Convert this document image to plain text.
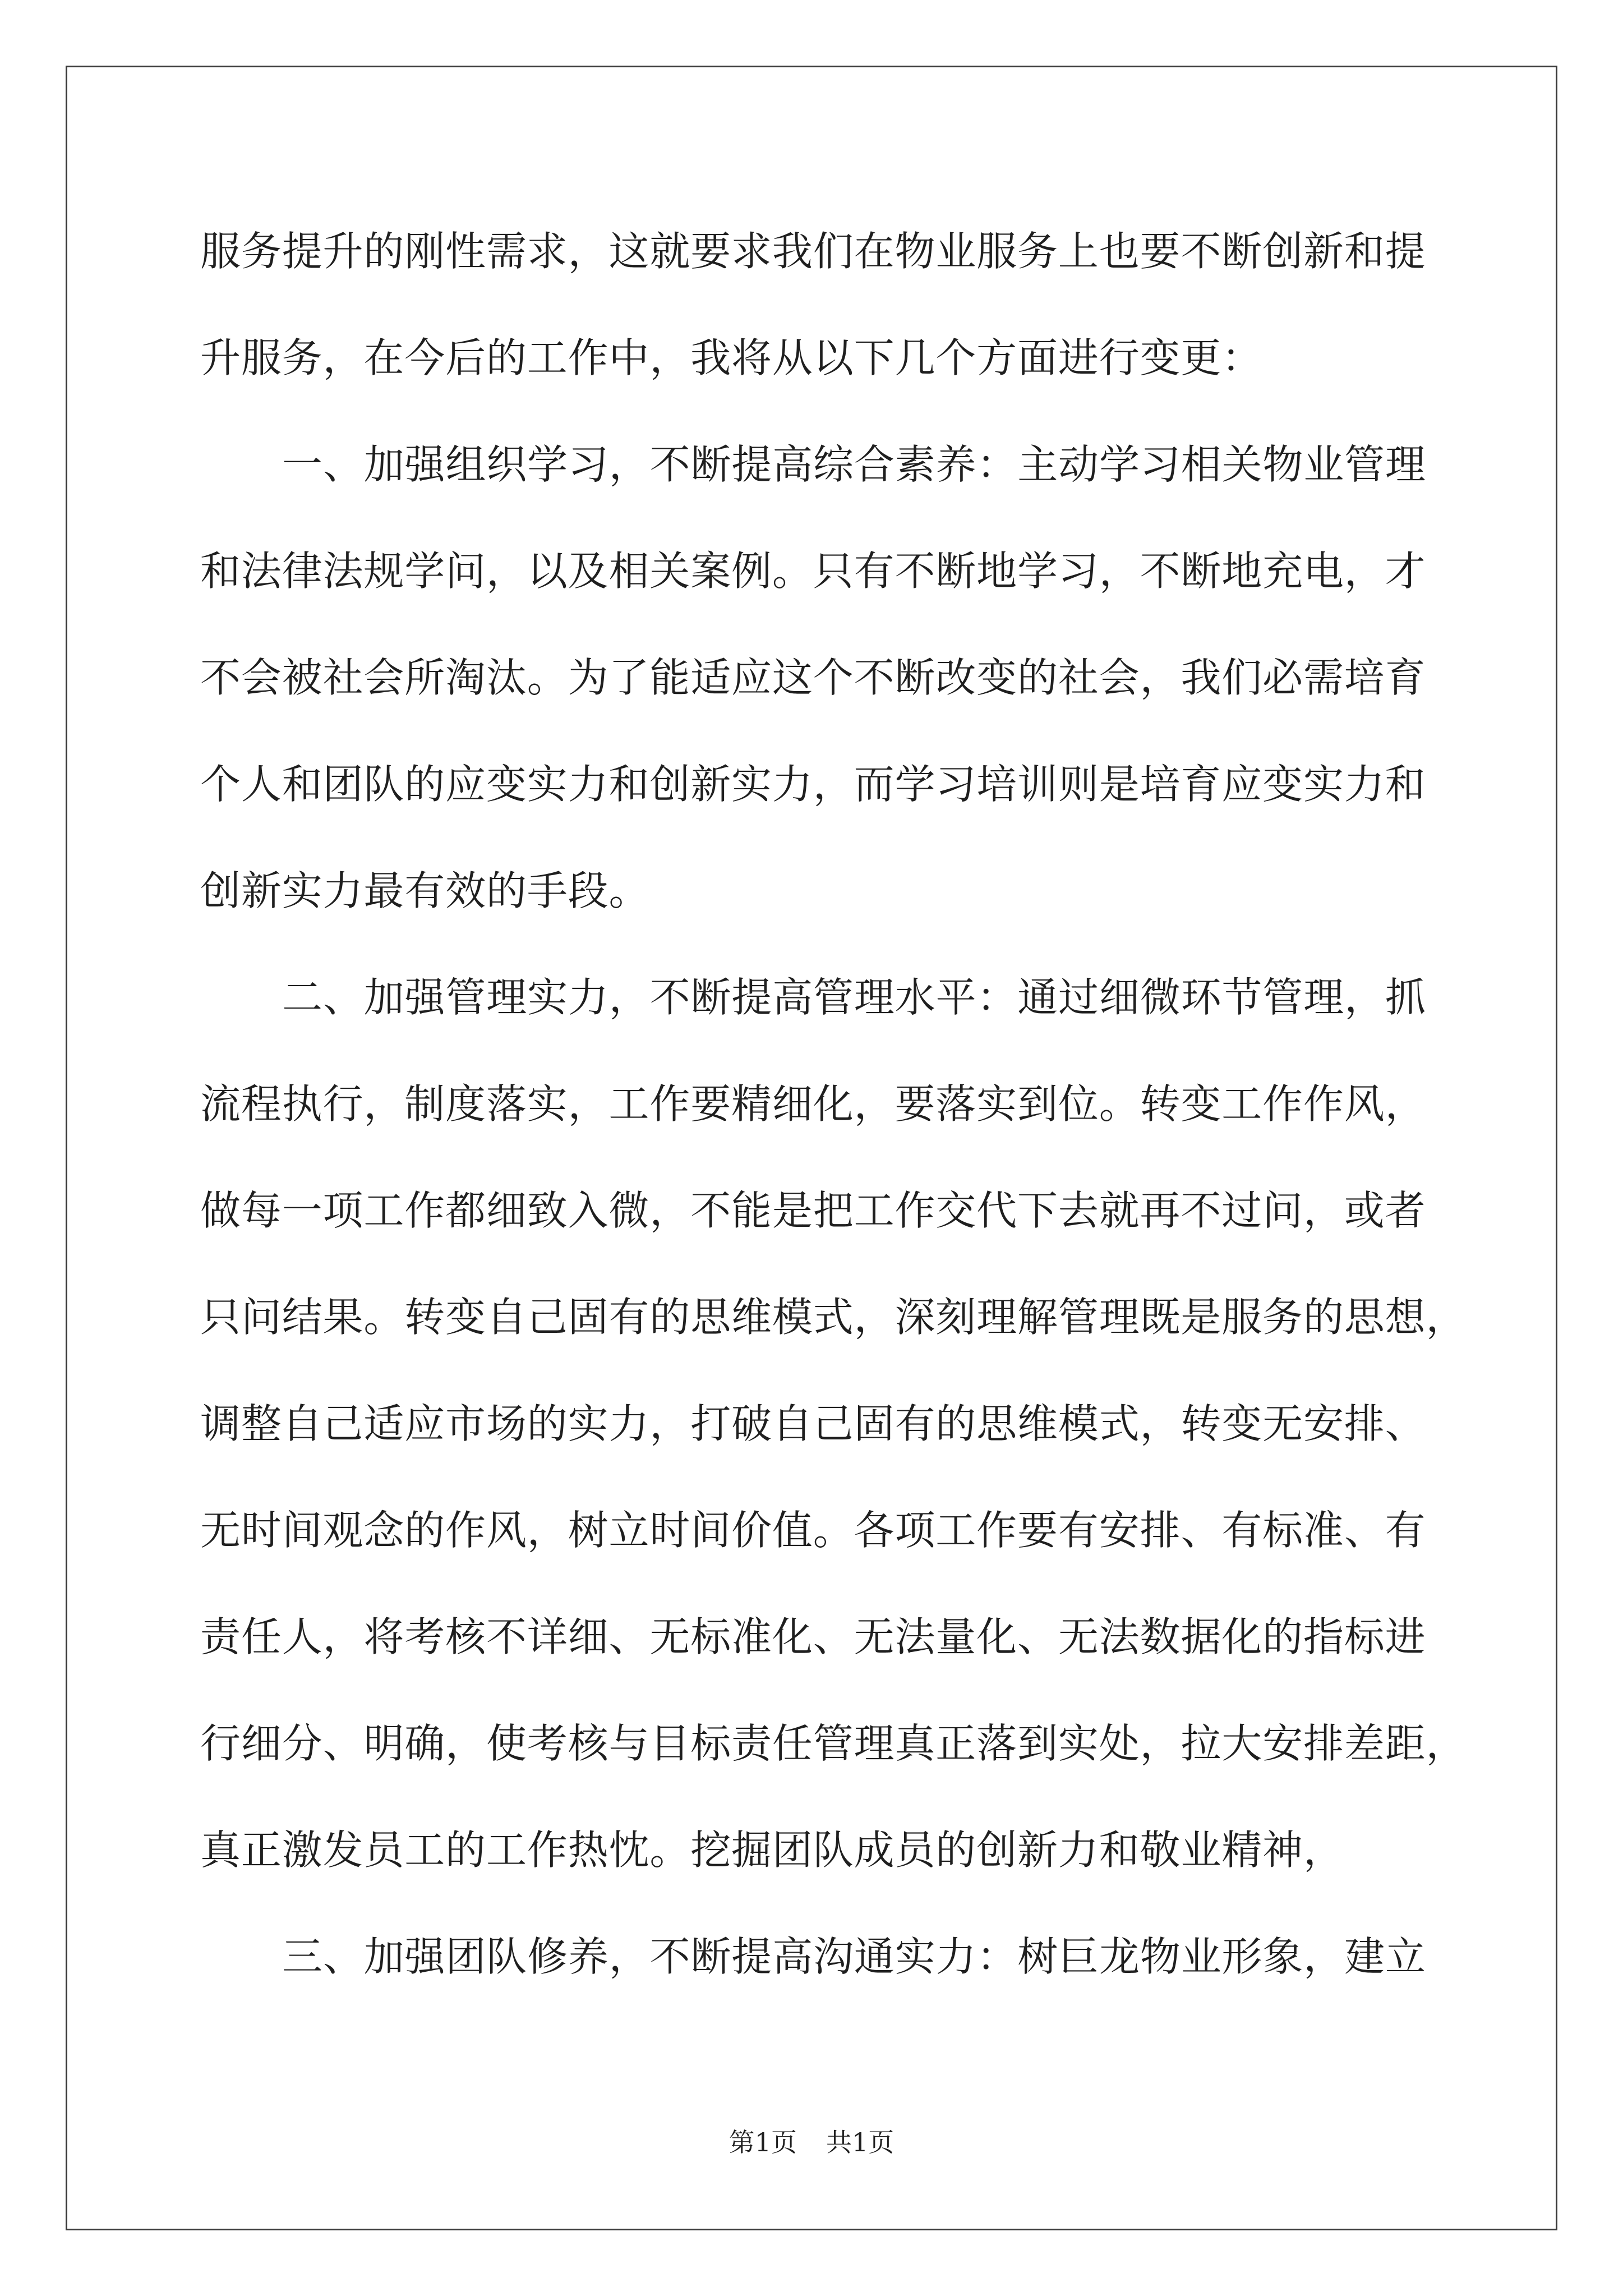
服务提升的刚性需求，这就要求我们在物业服务上也要不断创新和提
升服务，在今后的工作中，我将从以下几个方面进行变更：
一、加强组织学习，不断提高综合素养：主动学习相关物业管理
和法律法规学问，以及相关案例。只有不断地学习，不断地充电，才
不会被社会所淘汰。为了能适应这个不断改变的社会，我们必需培育
个人和团队的应变实力和创新实力，而学习培训则是培育应变实力和
创新实力最有效的手段。
二、加强管理实力，不断提高管理水平：通过细微环节管理，抓
流程执行，制度落实，工作要精细化，要落实到位。转变工作作风，
做每一项工作都细致入微，不能是把工作交代下去就再不过问，或者
只问结果。转变自己固有的思维模式，深刻理解管理既是服务的思想，
调整自己适应市场的实力，打破自己固有的思维模式，转变无安排、
无时间观念的作风，树立时间价值。各项工作要有安排、有标准、有
责任人，将考核不详细、无标准化、无法量化、无法数据化的指标进
行细分、明确，使考核与目标责任管理真正落到实处，拉大安排差距，
真正激发员工的工作热忱。挖掘团队成员的创新力和敬业精神，
三、加强团队修养，不断提高沟通实力：树巨龙物业形象，建立
第1页 共1页
